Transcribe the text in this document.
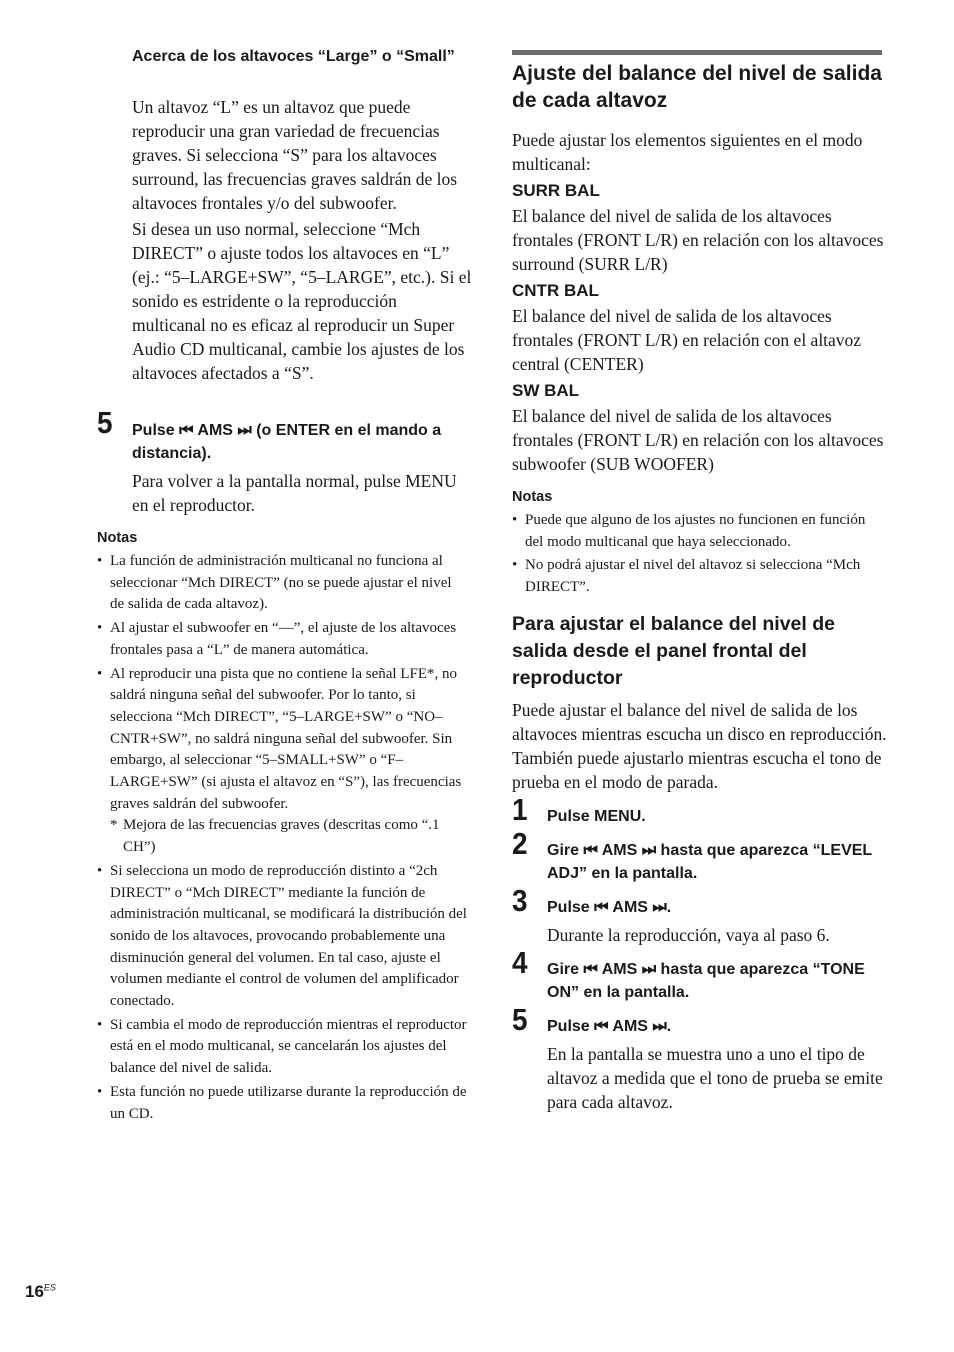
Acerca de los altavoces “Large” o “Small”

Un altavoz “L” es un altavoz que puede reproducir una gran variedad de frecuencias graves. Si selecciona “S” para los altavoces surround, las frecuencias graves saldrán de los altavoces frontales y/o del subwoofer.

Si desea un uso normal, seleccione “Mch DIRECT” o ajuste todos los altavoces en “L” (ej.: “5–LARGE+SW”, “5–LARGE”, etc.). Si el sonido es estridente o la reproducción multicanal no es eficaz al reproducir un Super Audio CD multicanal, cambie los ajustes de los altavoces afectados a “S”.

5 Pulse ⏮ AMS ⏭ (o ENTER en el mando a distancia).

Para volver a la pantalla normal, pulse MENU en el reproductor.

Notas
• La función de administración multicanal no funciona al seleccionar “Mch DIRECT” (no se puede ajustar el nivel de salida de cada altavoz).
• Al ajustar el subwoofer en “—”, el ajuste de los altavoces frontales pasa a “L” de manera automática.
• Al reproducir una pista que no contiene la señal LFE*, no saldrá ninguna señal del subwoofer. Por lo tanto, si selecciona “Mch DIRECT”, “5–LARGE+SW” o “NO–CNTR+SW”, no saldrá ninguna señal del subwoofer. Sin embargo, al seleccionar “5–SMALL+SW” o “F–LARGE+SW” (si ajusta el altavoz en “S”), las frecuencias graves saldrán del subwoofer.
* Mejora de las frecuencias graves (descritas como “.1 CH”)
• Si selecciona un modo de reproducción distinto a “2ch DIRECT” o “Mch DIRECT” mediante la función de administración multicanal, se modificará la distribución del sonido de los altavoces, provocando probablemente una disminución general del volumen. En tal caso, ajuste el volumen mediante el control de volumen del amplificador conectado.
• Si cambia el modo de reproducción mientras el reproductor está en el modo multicanal, se cancelarán los ajustes del balance del nivel de salida.
• Esta función no puede utilizarse durante la reproducción de un CD.
Ajuste del balance del nivel de salida de cada altavoz

Puede ajustar los elementos siguientes en el modo multicanal:

SURR BAL

El balance del nivel de salida de los altavoces frontales (FRONT L/R) en relación con los altavoces surround (SURR L/R)

CNTR BAL

El balance del nivel de salida de los altavoces frontales (FRONT L/R) en relación con el altavoz central (CENTER)

SW BAL

El balance del nivel de salida de los altavoces frontales (FRONT L/R) en relación con los altavoces subwoofer (SUB WOOFER)

Notas
• Puede que alguno de los ajustes no funcionen en función del modo multicanal que haya seleccionado.
• No podrá ajustar el nivel del altavoz si selecciona “Mch DIRECT”.
Para ajustar el balance del nivel de salida desde el panel frontal del reproductor

Puede ajustar el balance del nivel de salida de los altavoces mientras escucha un disco en reproducción. También puede ajustarlo mientras escucha el tono de prueba en el modo de parada.

1 Pulse MENU.
2 Gire ⏮ AMS ⏭ hasta que aparezca “LEVEL ADJ” en la pantalla.
3 Pulse ⏮ AMS ⏭.

Durante la reproducción, vaya al paso 6.

4 Gire ⏮ AMS ⏭ hasta que aparezca “TONE ON” en la pantalla.
5 Pulse ⏮ AMS ⏭.

En la pantalla se muestra uno a uno el tipo de altavoz a medida que el tono de prueba se emite para cada altavoz.

$16^{ES}$
